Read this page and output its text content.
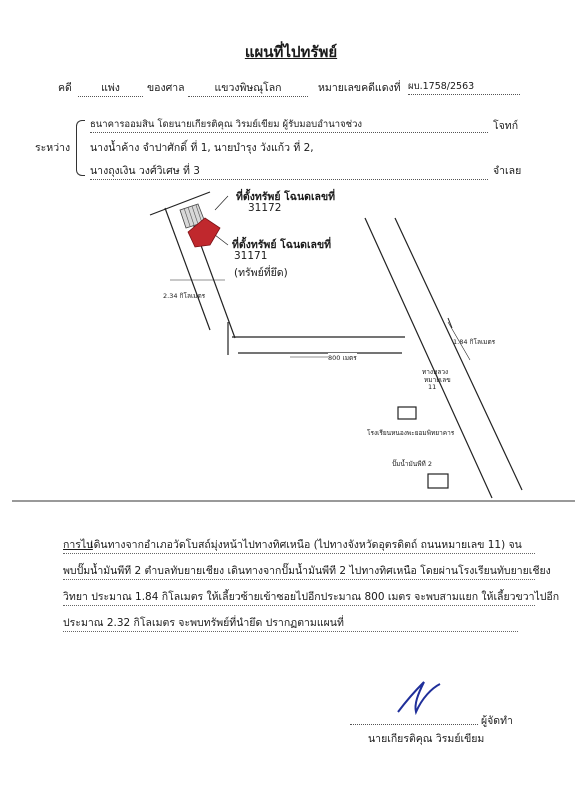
แผนที่ไปทรัพย์
คดี	แพ่ง	ของศาล	แขวงพิษณุโลก	หมายเลขคดีแดงที่ ผบ.1758/2563
ระหว่าง
ธนาคารออมสิน โดยนายเกียรติคุณ วิรมย์เขียม ผู้รับมอบอำนาจช่วง	โจทก์
นางน้ำค้าง จำปาศักดิ์ ที่ 1, นายบำรุง วังแก้ว ที่ 2,
นางถุงเงิน วงศ์วิเศษ ที่ 3	จำเลย
ที่ตั้งทรัพย์ โฉนดเลขที่
31172
ที่ตั้งทรัพย์ โฉนดเลขที่
31171
(ทรัพย์ที่ยึด)
2.34 กิโลเมตร
800 เมตร
1.84 กิโลเมตร
ทางหลวง
หมายเลข
11
โรงเรียนหนองพะยอมพิทยาคาร
ปั๊มน้ำมันพีที 2
การไป
เดินทางจากอำเภอวัดโบสถ์มุ่งหน้าไปทางทิศเหนือ (ไปทางจังหวัดอุตรดิตถ์ ถนนหมายเลข 11) จน
พบปั๊มน้ำมันพีที 2 ตำบลทับยายเชียง เดินทางจากปั๊มน้ำมันพีที 2 ไปทางทิศเหนือ โดยผ่านโรงเรียนทับยายเชียง
วิทยา ประมาณ 1.84 กิโลเมตร ให้เลี้ยวซ้ายเข้าซอยไปอีกประมาณ 800 เมตร จะพบสามแยก ให้เลี้ยวขวาไปอีก
ประมาณ 2.32 กิโลเมตร จะพบทรัพย์ที่นำยึด ปรากฏตามแผนที่
ผู้จัดทำ
นายเกียรติคุณ วิรมย์เขียม
